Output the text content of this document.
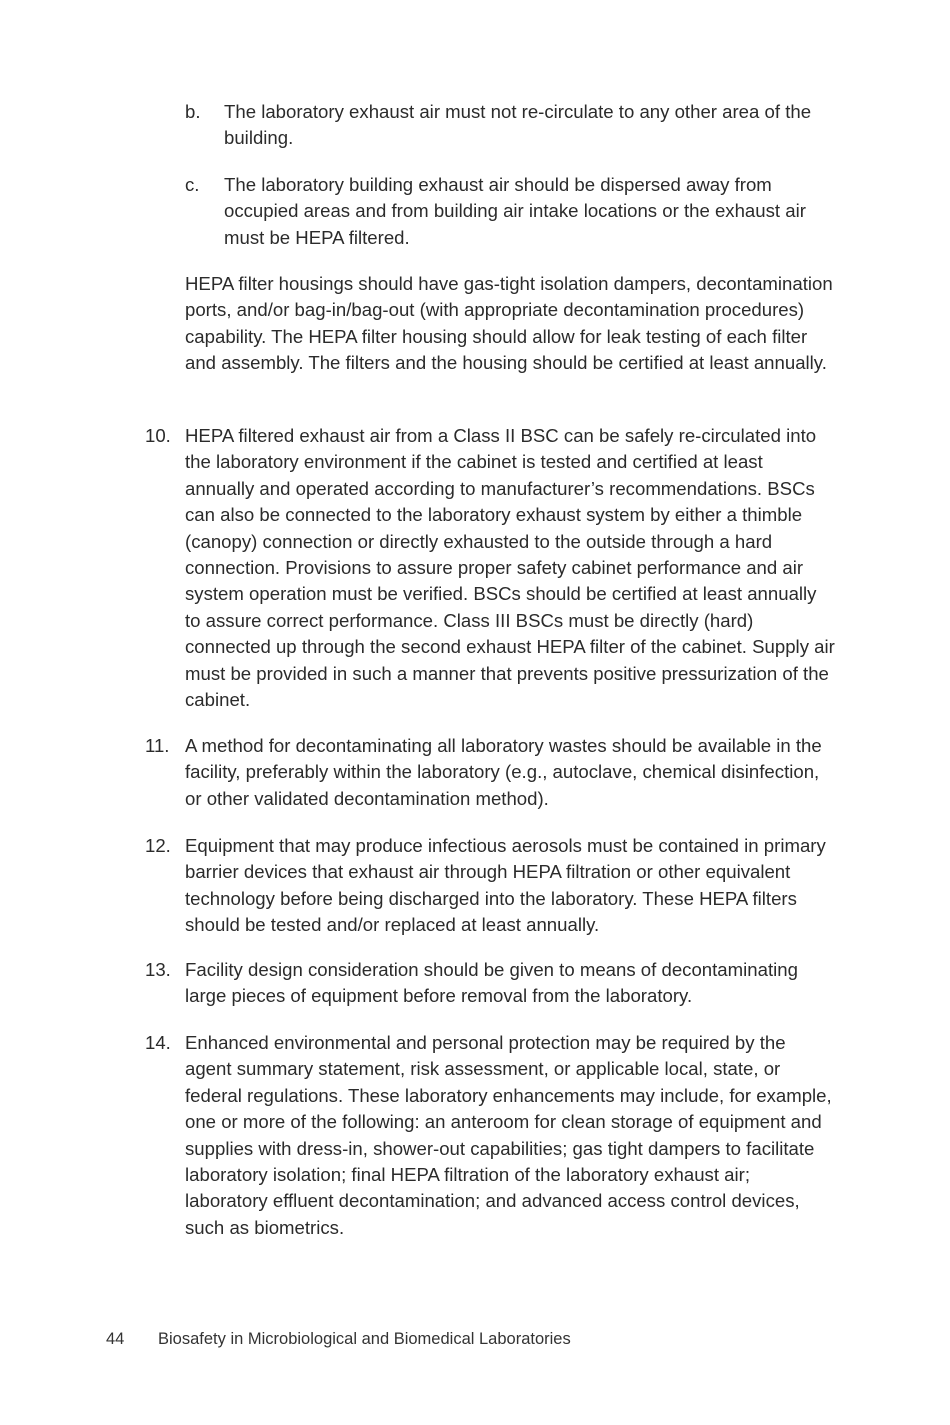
b. The laboratory exhaust air must not re-circulate to any other area of the building.
c. The laboratory building exhaust air should be dispersed away from occupied areas and from building air intake locations or the exhaust air must be HEPA filtered.
HEPA filter housings should have gas-tight isolation dampers, decontamination ports, and/or bag-in/bag-out (with appropriate decontamination procedures) capability. The HEPA filter housing should allow for leak testing of each filter and assembly. The filters and the housing should be certified at least annually.
10. HEPA filtered exhaust air from a Class II BSC can be safely re-circulated into the laboratory environment if the cabinet is tested and certified at least annually and operated according to manufacturer’s recommendations. BSCs can also be connected to the laboratory exhaust system by either a thimble (canopy) connection or directly exhausted to the outside through a hard connection. Provisions to assure proper safety cabinet performance and air system operation must be verified. BSCs should be certified at least annually to assure correct performance. Class III BSCs must be directly (hard) connected up through the second exhaust HEPA filter of the cabinet. Supply air must be provided in such a manner that prevents positive pressurization of the cabinet.
11. A method for decontaminating all laboratory wastes should be available in the facility, preferably within the laboratory (e.g., autoclave, chemical disinfection, or other validated decontamination method).
12. Equipment that may produce infectious aerosols must be contained in primary barrier devices that exhaust air through HEPA filtration or other equivalent technology before being discharged into the laboratory. These HEPA filters should be tested and/or replaced at least annually.
13. Facility design consideration should be given to means of decontaminating large pieces of equipment before removal from the laboratory.
14. Enhanced environmental and personal protection may be required by the agent summary statement, risk assessment, or applicable local, state, or federal regulations. These laboratory enhancements may include, for example, one or more of the following: an anteroom for clean storage of equipment and supplies with dress-in, shower-out capabilities; gas tight dampers to facilitate laboratory isolation; final HEPA filtration of the laboratory exhaust air; laboratory effluent decontamination; and advanced access control devices, such as biometrics.
44 Biosafety in Microbiological and Biomedical Laboratories
